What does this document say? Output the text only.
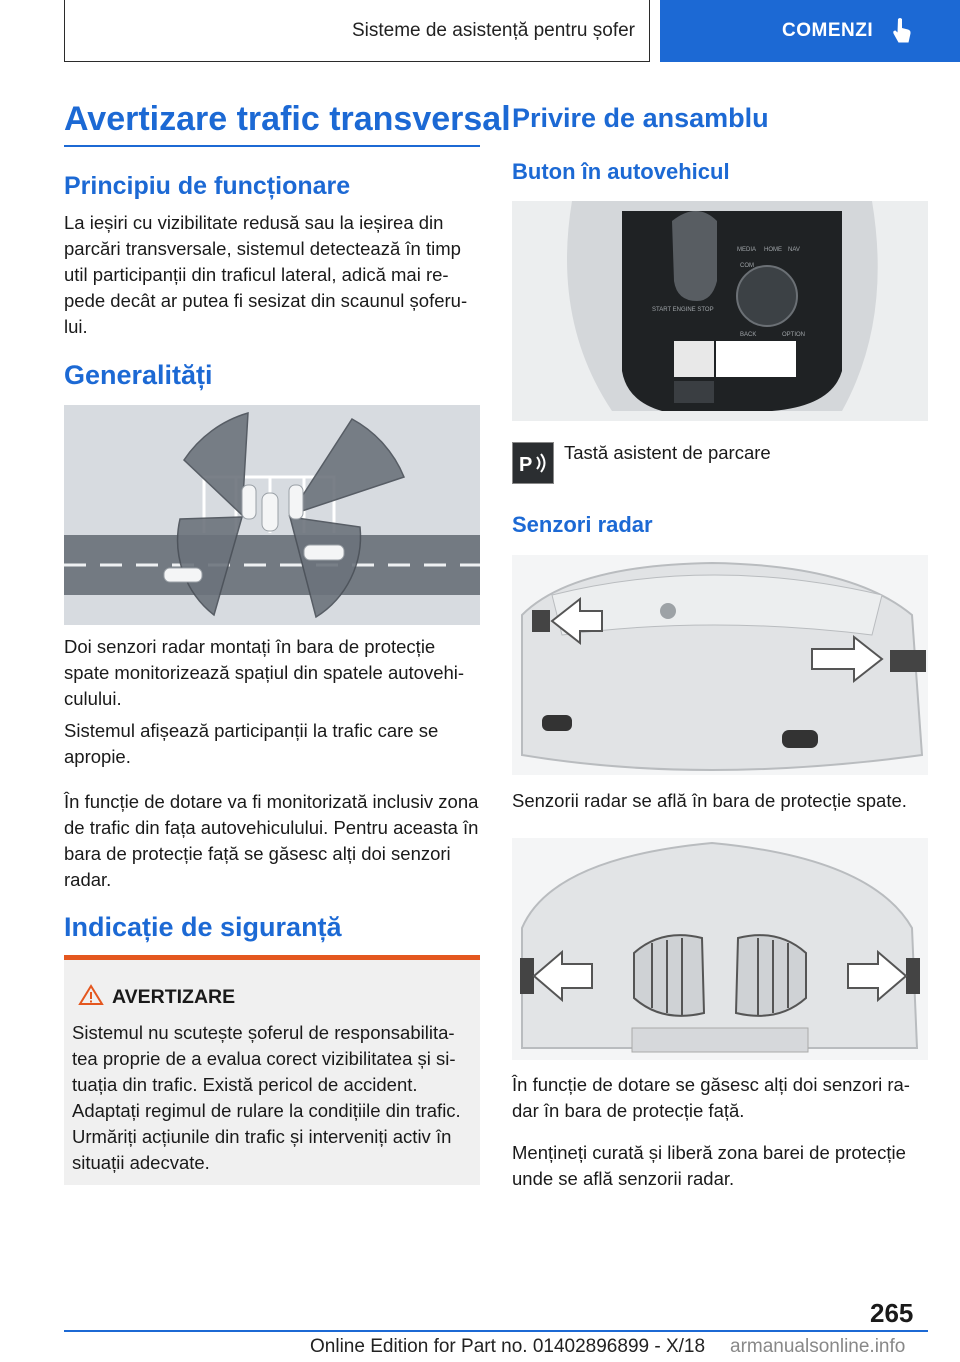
Sisteme de asistență pentru șofer	COMENZI
Avertizare trafic transversal
Principiu de funcționare

La ieșiri cu vizibilitate redusă sau la ieșirea din parcări transversale, sistemul detectează în timp util participanții din traficul lateral, adică mai re-pede decât ar putea fi sesizat din scaunul șoferu-lui.

Generalități

Doi senzori radar montați în bara de protecție spate monitorizează spațiul din spatele autovehi-culului.

Sistemul afișează participanții la trafic care se apropie.

În funcție de dotare va fi monitorizată inclusiv zona de trafic din fața autovehiculului. Pentru aceasta în bara de protecție față se găsesc alți doi senzori radar.

Indicație de siguranță
AVERTIZARE

Sistemul nu scutește șoferul de responsabilita-tea proprie de a evalua corect vizibilitatea și si-tuația din trafic. Există pericol de accident. Adaptați regimul de rulare la condițiile din trafic. Urmăriți acțiunile din trafic și interveniți activ în situații adecvate.

Privire de ansamblu
Buton în autovehicul
MEDIA HOME NAV
COM
OPTION
BACK
START ENGINE STOP
P

Tastă asistent de parcare

Senzori radar

Senzorii radar se află în bara de protecție spate.

În funcție de dotare se găsesc alți doi senzori ra-dar în bara de protecție față.

Mențineți curată și liberă zona barei de protecție unde se află senzorii radar.

265
Online Edition for Part no. 01402896899 - X/18 armanualsonline.info
